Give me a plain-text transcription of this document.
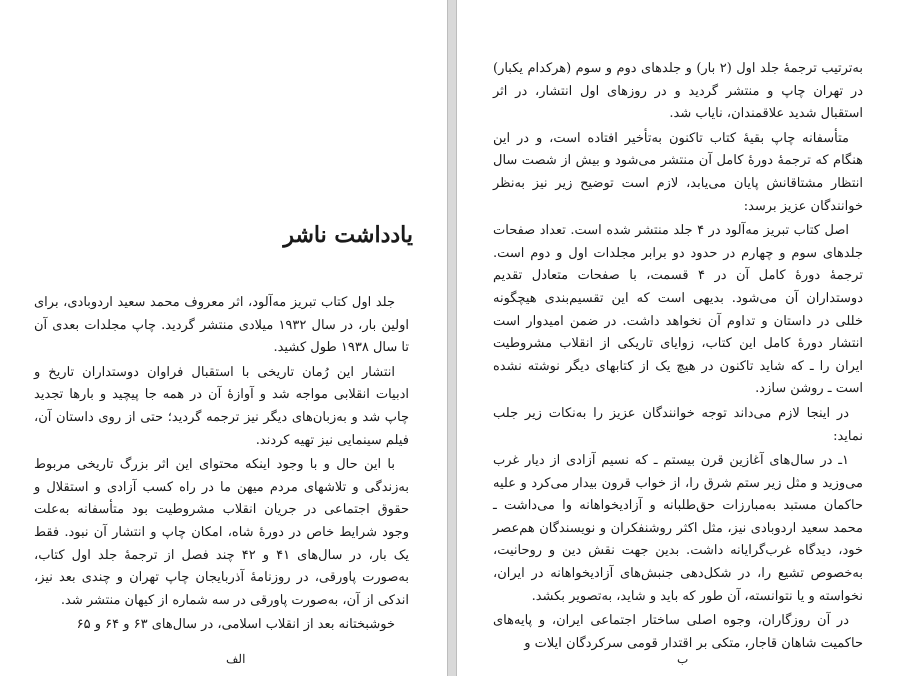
یادداشت ناشر

جلد اول کتاب تبریز مه‌آلود، اثر معروف محمد سعید اردوبادی، برای اولین بار، در سال ۱۹۳۲ میلادی منتشر گردید. چاپ مجلدات بعدی آن تا سال ۱۹۳۸ طول کشید.

انتشار این رُمان تاریخی با استقبال فراوان دوستداران تاریخ و ادبیات انقلابی مواجه شد و آوازهٔ آن در همه جا پیچید و بارها تجدید چاپ شد و به‌زبان‌های دیگر نیز ترجمه گردید؛ حتی از روی داستان آن، فیلم سینمایی نیز تهیه کردند.

با این حال و با وجود اینکه محتوای این اثر بزرگ تاریخی مربوط به‌زندگی و تلاشهای مردم میهن ما در راه کسب آزادی و استقلال و حقوق اجتماعی در جریان انقلاب مشروطیت بود متأسفانه به‌علت وجود شرایط خاص در دورهٔ شاه، امکان چاپ و انتشار آن نبود. فقط یک بار، در سال‌های ۴۱ و ۴۲ چند فصل از ترجمهٔ جلد اول کتاب، به‌صورت پاورقی، در روزنامهٔ آذربایجان چاپ تهران و چندی بعد نیز، اندکی از آن، به‌صورت پاورقی در سه شماره از کیهان منتشر شد.

خوشبختانه بعد از انقلاب اسلامی، در سال‌های ۶۳ و ۶۴ و ۶۵

الف

به‌ترتیب ترجمهٔ جلد اول (۲ بار) و جلدهای دوم و سوم (هرکدام یکبار) در تهران چاپ و منتشر گردید و در روزهای اول انتشار، در اثر استقبال شدید علاقمندان، نایاب شد.

متأسفانه چاپ بقیهٔ کتاب تاکنون به‌تأخیر افتاده است، و در این هنگام که ترجمهٔ دورهٔ کامل آن منتشر می‌شود و بیش از شصت سال انتظار مشتاقانش پایان می‌یابد، لازم است توضیح زیر نیز به‌نظر خوانندگان عزیز برسد:

اصل کتاب تبریز مه‌آلود در ۴ جلد منتشر شده است. تعداد صفحات جلدهای سوم و چهارم در حدود دو برابر مجلدات اول و دوم است. ترجمهٔ دورهٔ کامل آن در ۴ قسمت، با صفحات متعادل تقدیم دوستداران آن می‌شود. بدیهی است که این تقسیم‌بندی هیچگونه خللی در داستان و تداوم آن نخواهد داشت. در ضمن امیدوار است انتشار دورهٔ کامل این کتاب، زوایای تاریکی از انقلاب مشروطیت ایران را ـ که شاید تاکنون در هیچ یک از کتابهای دیگر نوشته نشده است ـ روشن سازد.

در اینجا لازم می‌داند توجه خوانندگان عزیز را به‌نکات زیر جلب نماید:

۱ـ در سال‌های آغازین قرن بیستم ـ که نسیم آزادی از دیار غرب می‌وزید و مثل زیر ستم شرق را، از خواب قرون بیدار می‌کرد و علیه حاکمان مستبد به‌مبارزات حق‌طلبانه و آزادیخواهانه وا می‌داشت ـ محمد سعید اردوبادی نیز، مثل اکثر روشنفکران و نویسندگان هم‌عصر خود، دیدگاه غرب‌گرایانه داشت. بدین جهت نقش دین و روحانیت، به‌خصوص تشیع را، در شکل‌دهی جنبش‌های آزادیخواهانه در ایران، نخواسته و یا نتوانسته، آن طور که باید و شاید، به‌تصویر بکشد.

در آن روزگاران، وجوه اصلی ساختار اجتماعی ایران، و پایه‌های حاکمیت شاهان قاجار، متکی بر اقتدار قومی سرکردگان ایلات و

ب
